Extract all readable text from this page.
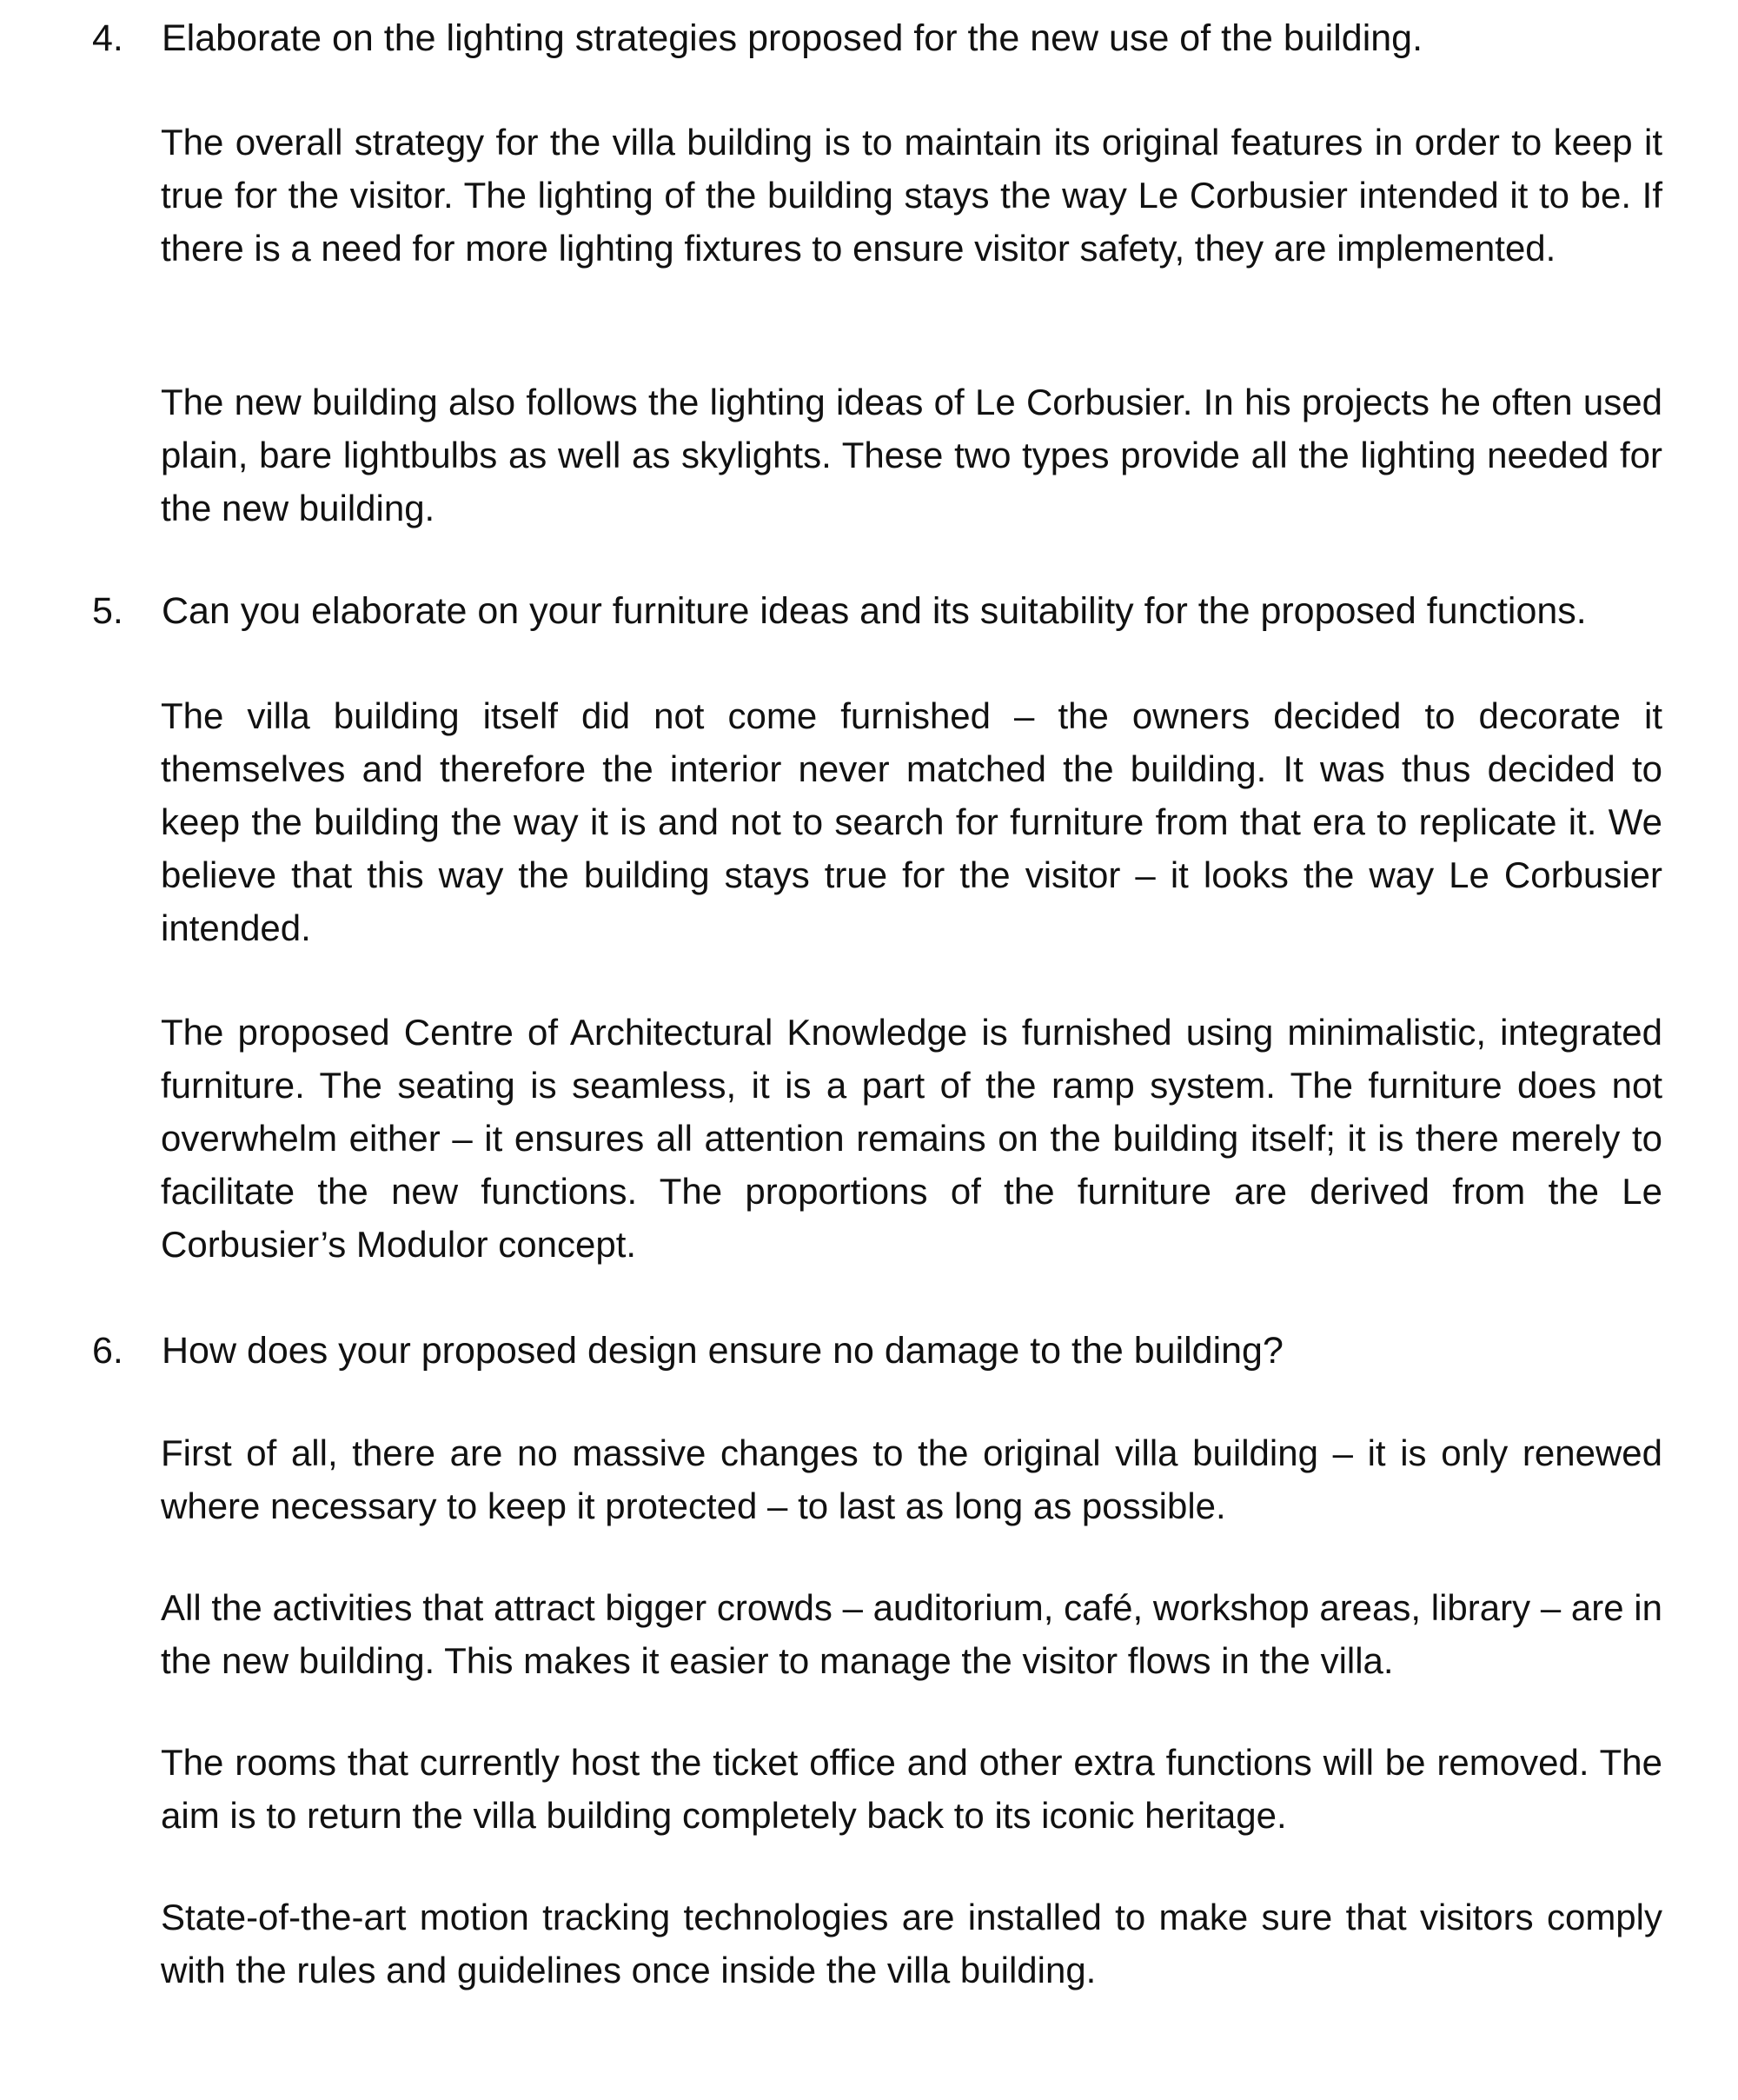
4.	Elaborate on the lighting strategies proposed for the new use of the building.

The overall strategy for the villa building is to maintain its original features in order to keep it true for the visitor. The lighting of the building stays the way Le Corbusier intended it to be. If there is a need for more lighting fixtures to ensure visitor safety, they are implemented.

The new building also follows the lighting ideas of Le Corbusier. In his projects he often used plain, bare lightbulbs as well as skylights. These two types provide all the lighting needed for the new building.

5.	Can you elaborate on your furniture ideas and its suitability for the proposed functions.

The villa building itself did not come furnished – the owners decided to decorate it themselves and therefore the interior never matched the building. It was thus decided to keep the building the way it is and not to search for furniture from that era to replicate it. We believe that this way the building stays true for the visitor – it looks the way Le Corbusier intended.

The proposed Centre of Architectural Knowledge is furnished using minimalistic, integrated furniture. The seating is seamless, it is a part of the ramp system. The furniture does not overwhelm either – it ensures all attention remains on the building itself; it is there merely to facilitate the new functions. The proportions of the furniture are derived from the Le Corbusier’s Modulor concept.

6.	How does your proposed design ensure no damage to the building?

First of all, there are no massive changes to the original villa building – it is only renewed where necessary to keep it protected – to last as long as possible.

All the activities that attract bigger crowds – auditorium, café, workshop areas, library – are in the new building. This makes it easier to manage the visitor flows in the villa.

The rooms that currently host the ticket office and other extra functions will be removed. The aim is to return the villa building completely back to its iconic heritage.

State-of-the-art motion tracking technologies are installed to make sure that visitors comply with the rules and guidelines once inside the villa building.
